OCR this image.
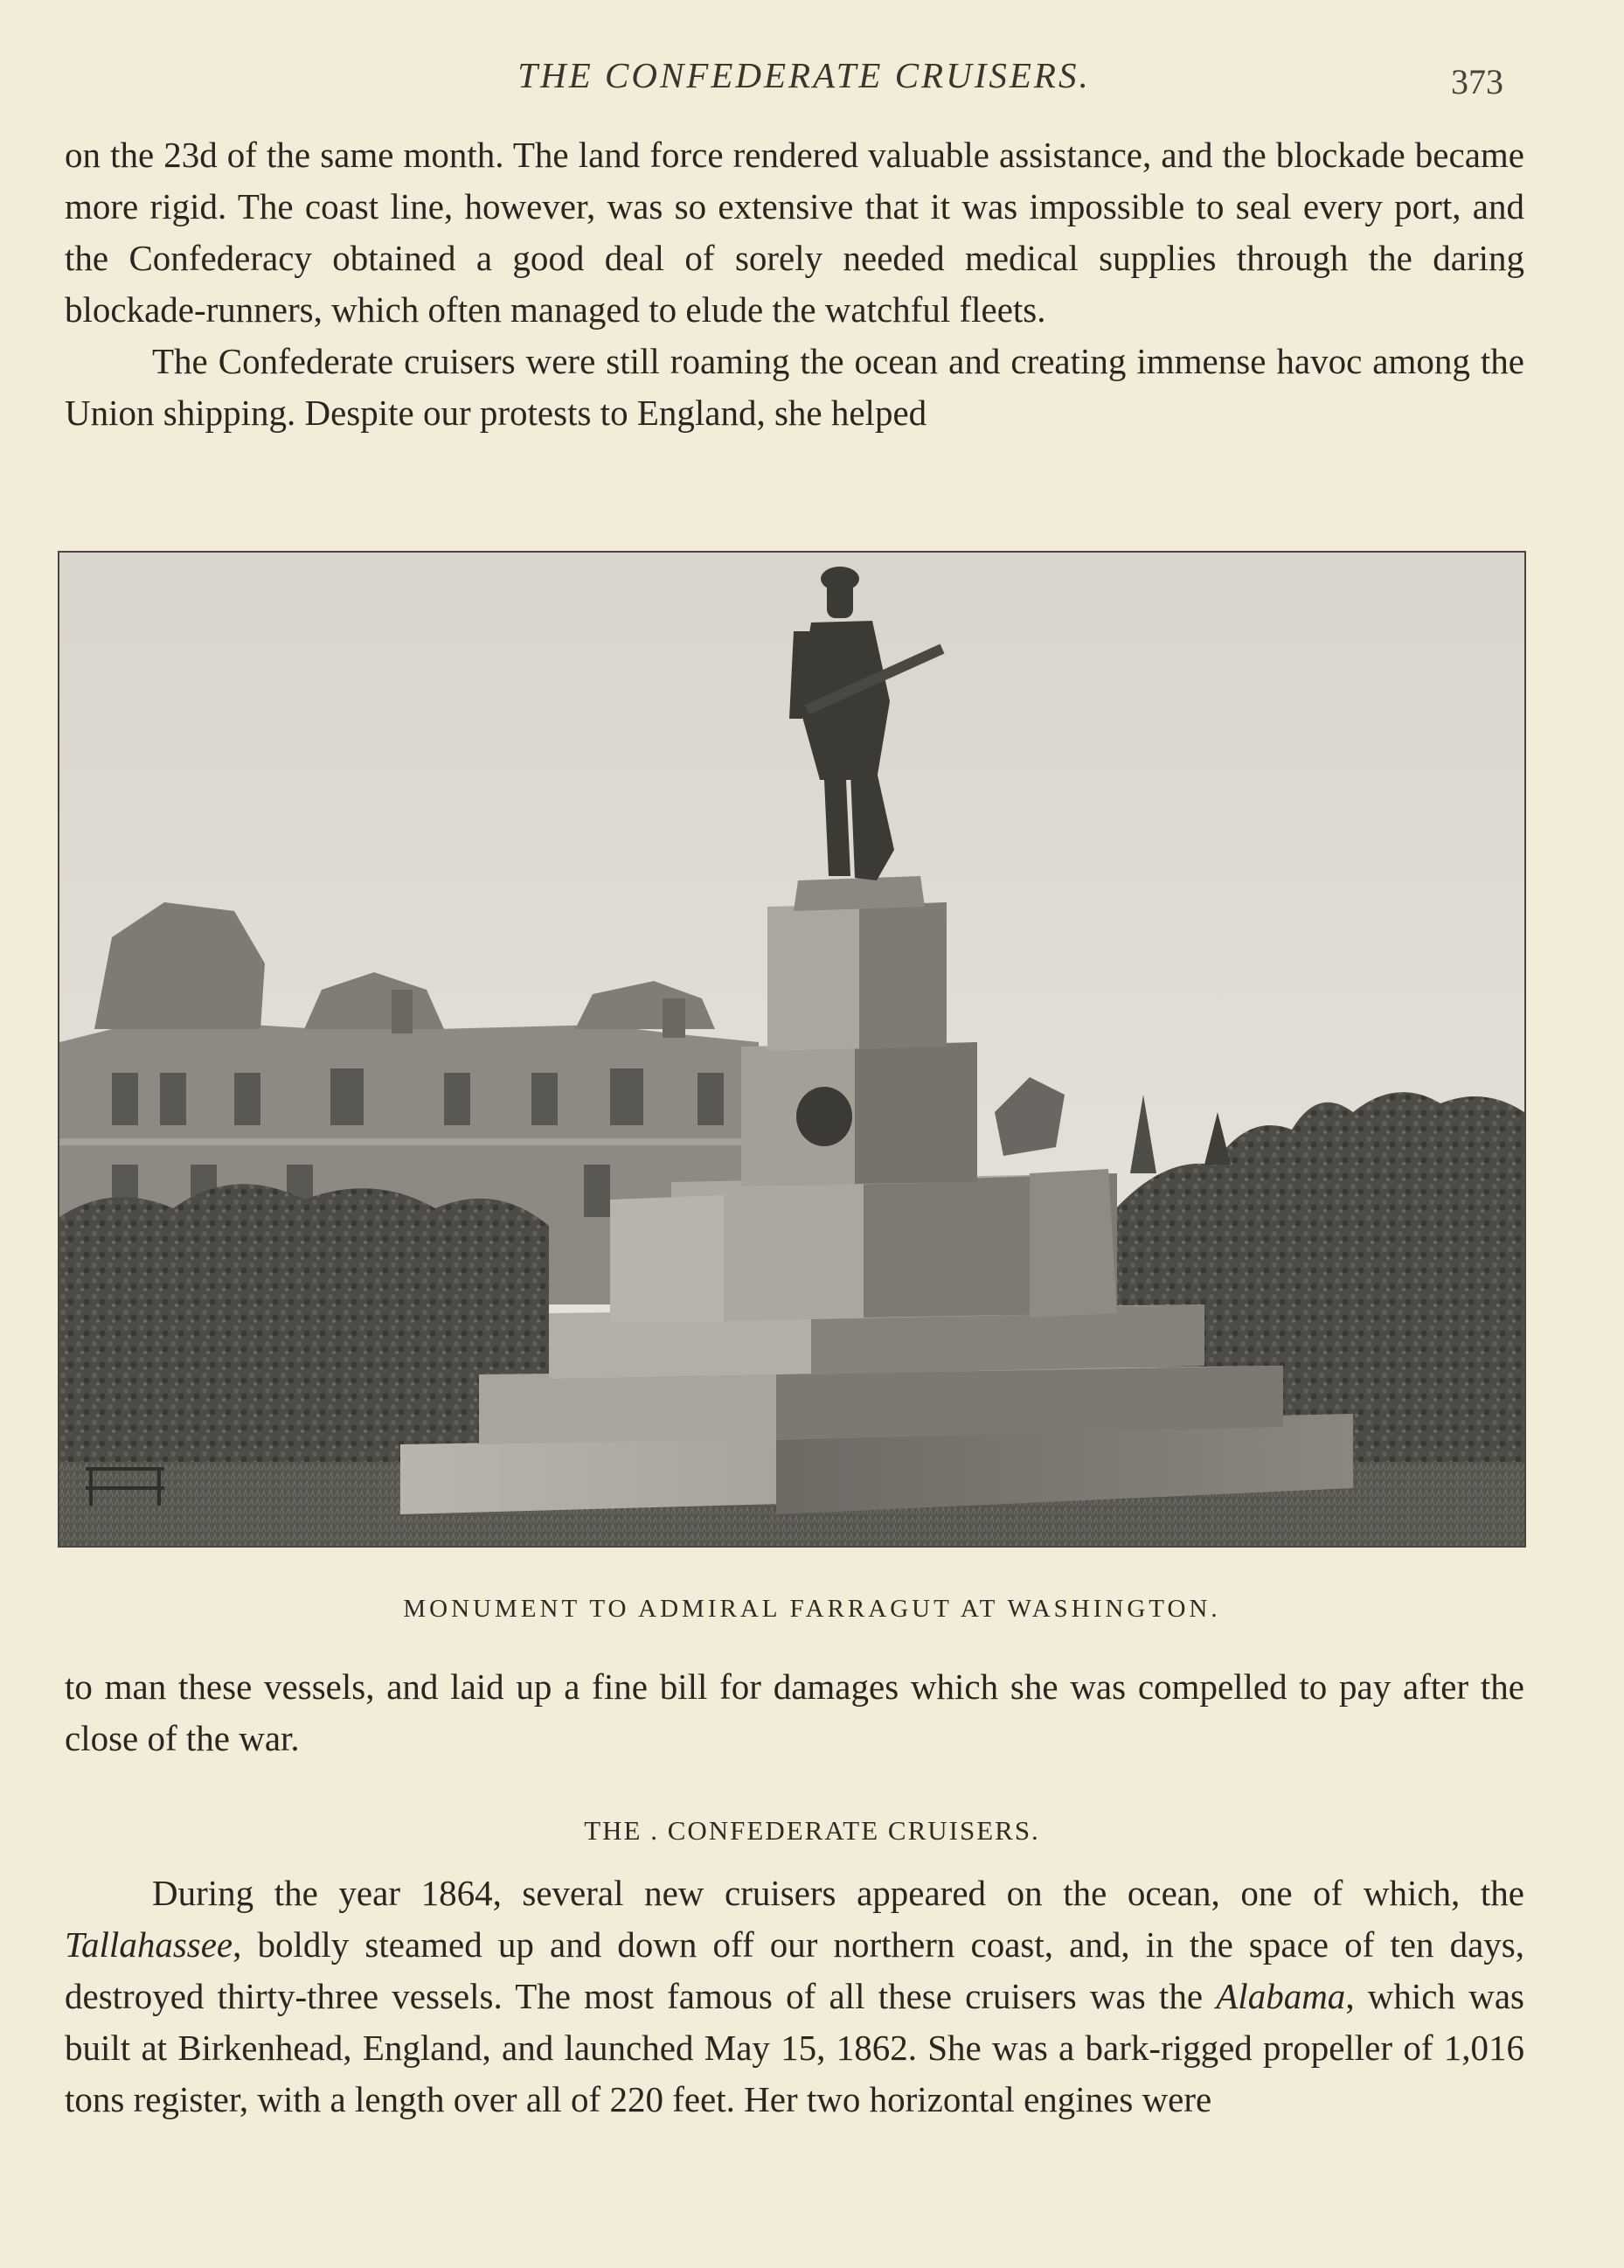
THE CONFEDERATE CRUISERS.	373

on the 23d of the same month. The land force rendered valuable assistance, and the blockade became more rigid. The coast line, however, was so extensive that it was impossible to seal every port, and the Confederacy obtained a good deal of sorely needed medical supplies through the daring blockade-runners, which often managed to elude the watchful fleets.

The Confederate cruisers were still roaming the ocean and creating immense havoc among the Union shipping. Despite our protests to England, she helped

MONUMENT TO ADMIRAL FARRAGUT AT WASHINGTON.

to man these vessels, and laid up a fine bill for damages which she was compelled to pay after the close of the war.

THE . CONFEDERATE CRUISERS.

During the year 1864, several new cruisers appeared on the ocean, one of which, the Tallahassee, boldly steamed up and down off our northern coast, and, in the space of ten days, destroyed thirty-three vessels. The most famous of all these cruisers was the Alabama, which was built at Birkenhead, England, and launched May 15, 1862. She was a bark-rigged propeller of 1,016 tons register, with a length over all of 220 feet. Her two horizontal engines were
